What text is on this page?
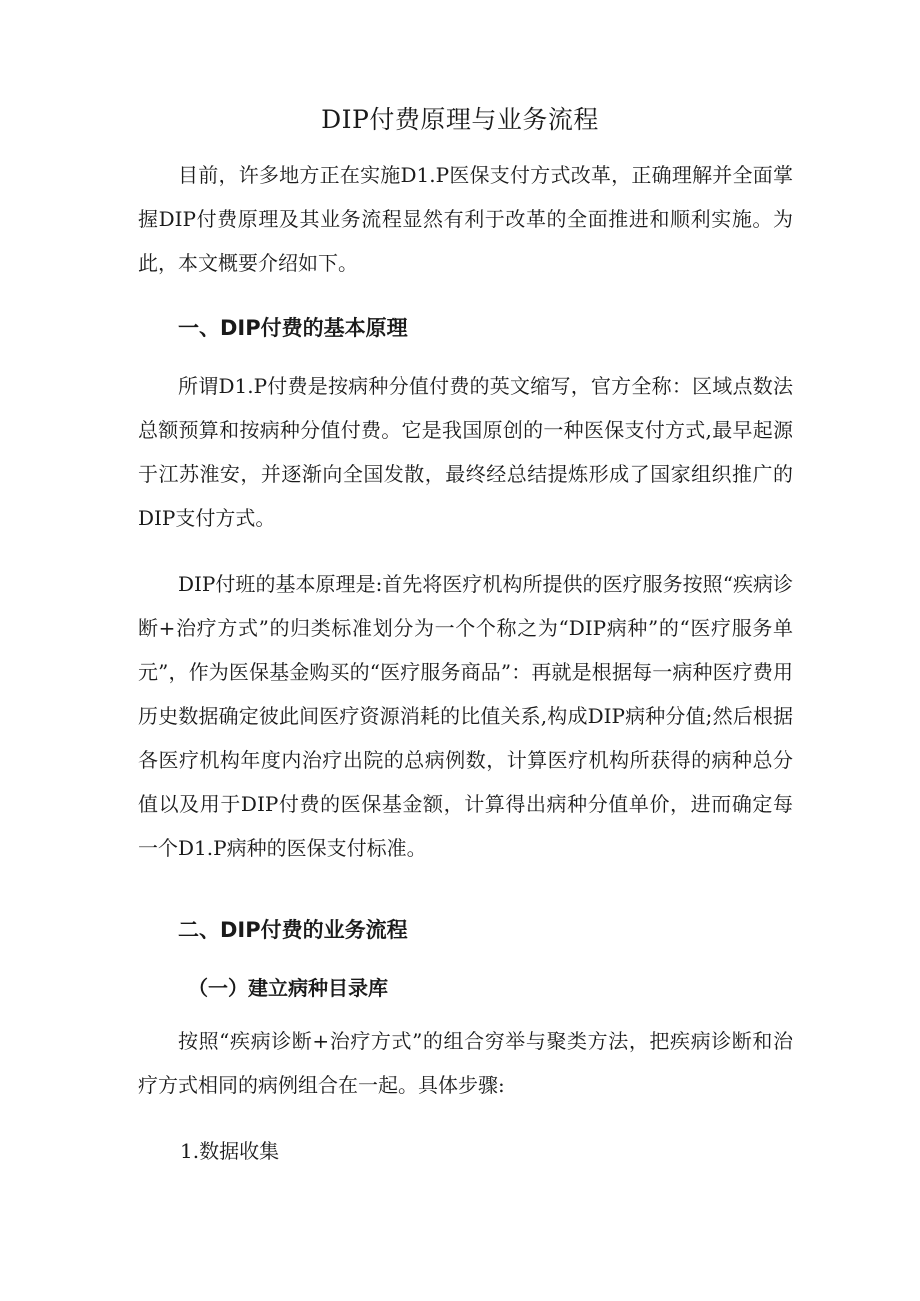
DIP付费原理与业务流程

目前，许多地方正在实施D1.P医保支付方式改革，正确理解并全面掌握DIP付费原理及其业务流程显然有利于改革的全面推进和顺利实施。为此，本文概要介绍如下。

一、DIP付费的基本原理

所谓D1.P付费是按病种分值付费的英文缩写，官方全称：区域点数法总额预算和按病种分值付费。它是我国原创的一种医保支付方式,最早起源于江苏淮安，并逐渐向全国发散，最终经总结提炼形成了国家组织推广的DIP支付方式。

DIP付班的基本原理是:首先将医疗机构所提供的医疗服务按照“疾病诊断+治疗方式”的归类标准划分为一个个称之为“DIP病种”的“医疗服务单元”，作为医保基金购买的“医疗服务商品”：再就是根据每一病种医疗费用历史数据确定彼此间医疗资源消耗的比值关系,构成DIP病种分值;然后根据各医疗机构年度内治疗出院的总病例数，计算医疗机构所获得的病种总分值以及用于DIP付费的医保基金额，计算得出病种分值单价，进而确定每一个D1.P病种的医保支付标准。

二、DIP付费的业务流程
（一）建立病种目录库

按照“疾病诊断+治疗方式”的组合穷举与聚类方法，把疾病诊断和治疗方式相同的病例组合在一起。具体步骤:

1.数据收集
